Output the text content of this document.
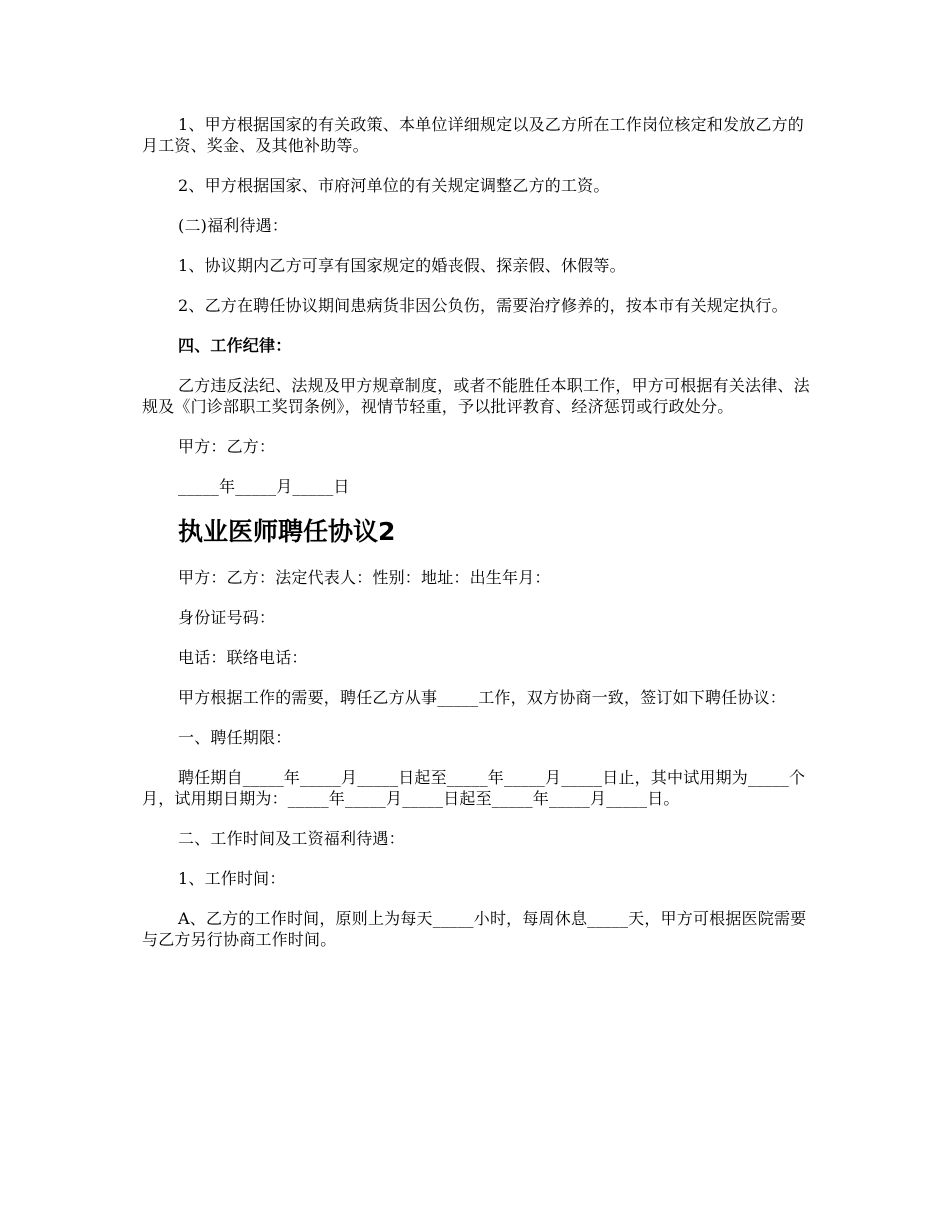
1、甲方根据国家的有关政策、本单位详细规定以及乙方所在工作岗位核定和发放乙方的月工资、奖金、及其他补助等。

2、甲方根据国家、市府河单位的有关规定调整乙方的工资。

(二)福利待遇：

1、协议期内乙方可享有国家规定的婚丧假、探亲假、休假等。

2、乙方在聘任协议期间患病货非因公负伤，需要治疗修养的，按本市有关规定执行。

四、工作纪律：

乙方违反法纪、法规及甲方规章制度，或者不能胜任本职工作，甲方可根据有关法律、法规及《门诊部职工奖罚条例》，视情节轻重，予以批评教育、经济惩罚或行政处分。

甲方：乙方：

_____年_____月_____日

执业医师聘任协议2

甲方：乙方：法定代表人：性别：地址：出生年月：

身份证号码：

电话：联络电话：

甲方根据工作的需要，聘任乙方从事_____工作，双方协商一致，签订如下聘任协议：

一、聘任期限：

聘任期自_____年_____月_____日起至_____年_____月_____日止，其中试用期为_____个月，试用期日期为：_____年_____月_____日起至_____年_____月_____日。

二、工作时间及工资福利待遇：

1、工作时间：

A、乙方的工作时间，原则上为每天_____小时，每周休息_____天，甲方可根据医院需要与乙方另行协商工作时间。
